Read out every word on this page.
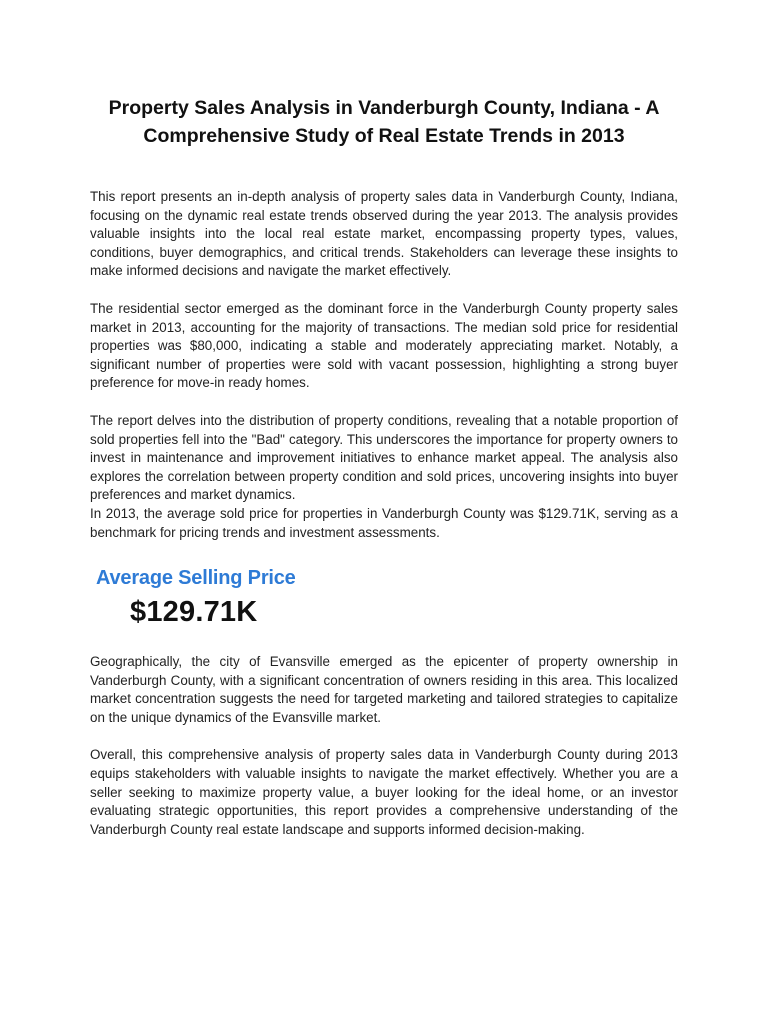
Property Sales Analysis in Vanderburgh County, Indiana - A Comprehensive Study of Real Estate Trends in 2013

This report presents an in-depth analysis of property sales data in Vanderburgh County, Indiana, focusing on the dynamic real estate trends observed during the year 2013. The analysis provides valuable insights into the local real estate market, encompassing property types, values, conditions, buyer demographics, and critical trends. Stakeholders can leverage these insights to make informed decisions and navigate the market effectively.

The residential sector emerged as the dominant force in the Vanderburgh County property sales market in 2013, accounting for the majority of transactions. The median sold price for residential properties was $80,000, indicating a stable and moderately appreciating market. Notably, a significant number of properties were sold with vacant possession, highlighting a strong buyer preference for move-in ready homes.

The report delves into the distribution of property conditions, revealing that a notable proportion of sold properties fell into the "Bad" category. This underscores the importance for property owners to invest in maintenance and improvement initiatives to enhance market appeal. The analysis also explores the correlation between property condition and sold prices, uncovering insights into buyer preferences and market dynamics.

In 2013, the average sold price for properties in Vanderburgh County was $129.71K, serving as a benchmark for pricing trends and investment assessments.

Average Selling Price
$129.71K

Geographically, the city of Evansville emerged as the epicenter of property ownership in Vanderburgh County, with a significant concentration of owners residing in this area. This localized market concentration suggests the need for targeted marketing and tailored strategies to capitalize on the unique dynamics of the Evansville market.

Overall, this comprehensive analysis of property sales data in Vanderburgh County during 2013 equips stakeholders with valuable insights to navigate the market effectively. Whether you are a seller seeking to maximize property value, a buyer looking for the ideal home, or an investor evaluating strategic opportunities, this report provides a comprehensive understanding of the Vanderburgh County real estate landscape and supports informed decision-making.
